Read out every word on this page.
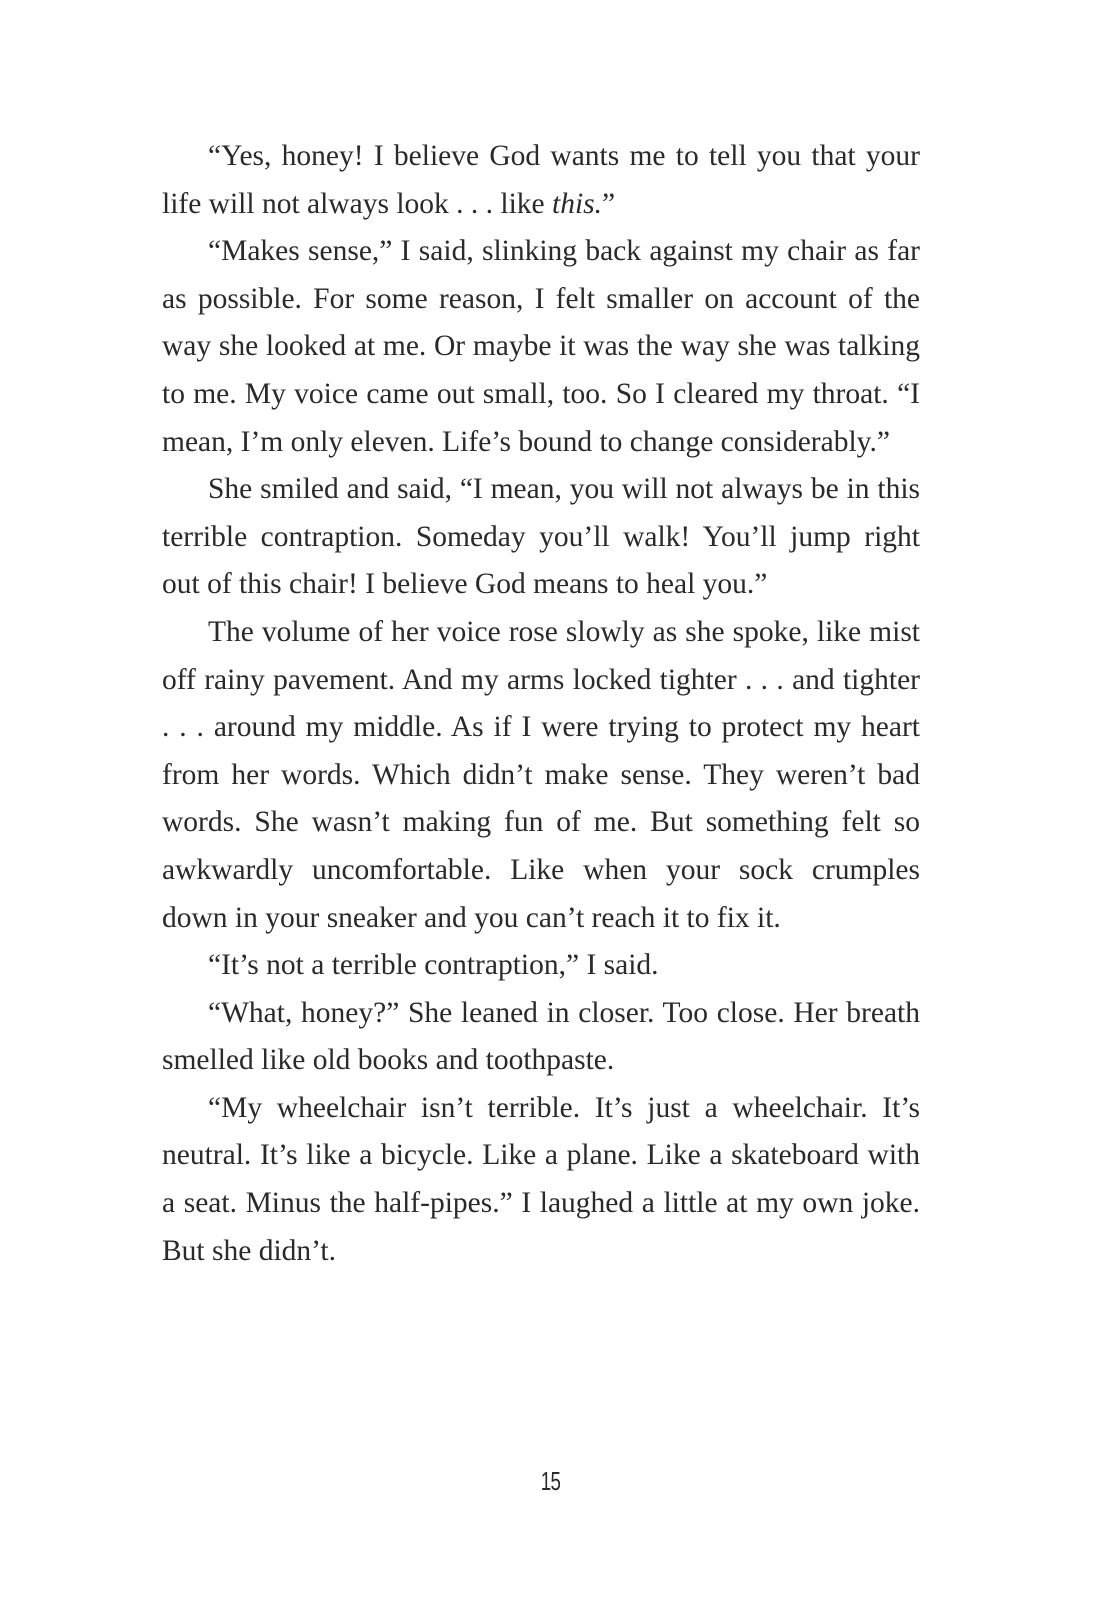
“Yes, honey! I believe God wants me to tell you that your life will not always look . . . like this.”

“Makes sense,” I said, slinking back against my chair as far as possible. For some reason, I felt smaller on account of the way she looked at me. Or maybe it was the way she was talking to me. My voice came out small, too. So I cleared my throat. “I mean, I’m only eleven. Life’s bound to change considerably.”

She smiled and said, “I mean, you will not always be in this terrible contraption. Someday you’ll walk! You’ll jump right out of this chair! I believe God means to heal you.”

The volume of her voice rose slowly as she spoke, like mist off rainy pavement. And my arms locked tighter . . . and tighter . . . around my middle. As if I were trying to protect my heart from her words. Which didn’t make sense. They weren’t bad words. She wasn’t making fun of me. But something felt so awkwardly uncomfortable. Like when your sock crumples down in your sneaker and you can’t reach it to fix it.

“It’s not a terrible contraption,” I said.

“What, honey?” She leaned in closer. Too close. Her breath smelled like old books and toothpaste.

“My wheelchair isn’t terrible. It’s just a wheelchair. It’s neutral. It’s like a bicycle. Like a plane. Like a skateboard with a seat. Minus the half-pipes.” I laughed a little at my own joke. But she didn’t.

15
